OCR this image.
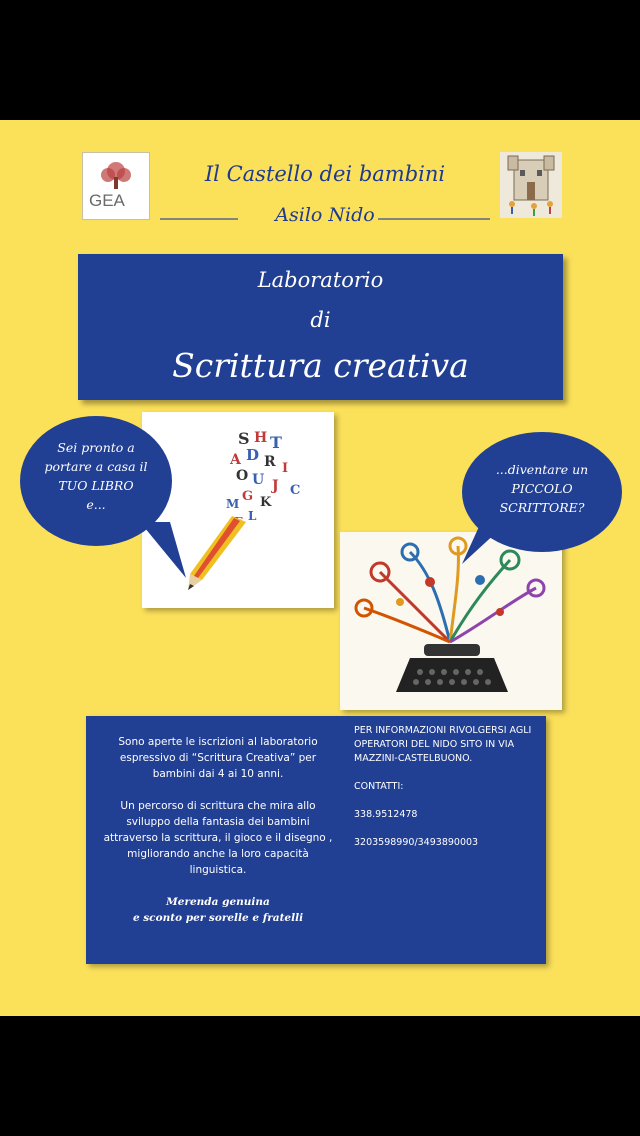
GEA
Il Castello dei bambini
Asilo Nido
Laboratorio
di
Scrittura creativa
S H T
D
A R I
O U J C
G K
M
L
Sei pronto a
portare a casa il
TUO LIBRO
e...
...diventare un
PICCOLO
SCRITTORE?

Sono aperte le iscrizioni al laboratorio espressivo di “Scrittura Creativa” per bambini dai 4 ai 10 anni.

Un percorso di scrittura che mira allo sviluppo della fantasia dei bambini attraverso la scrittura, il gioco e il disegno , migliorando anche la loro capacità linguistica.

Merenda genuina
e sconto per sorelle e fratelli

PER INFORMAZIONI RIVOLGERSI AGLI OPERATORI DEL NIDO SITO IN VIA MAZZINI-CASTELBUONO.

CONTATTI:

338.9512478

3203598990/3493890003
